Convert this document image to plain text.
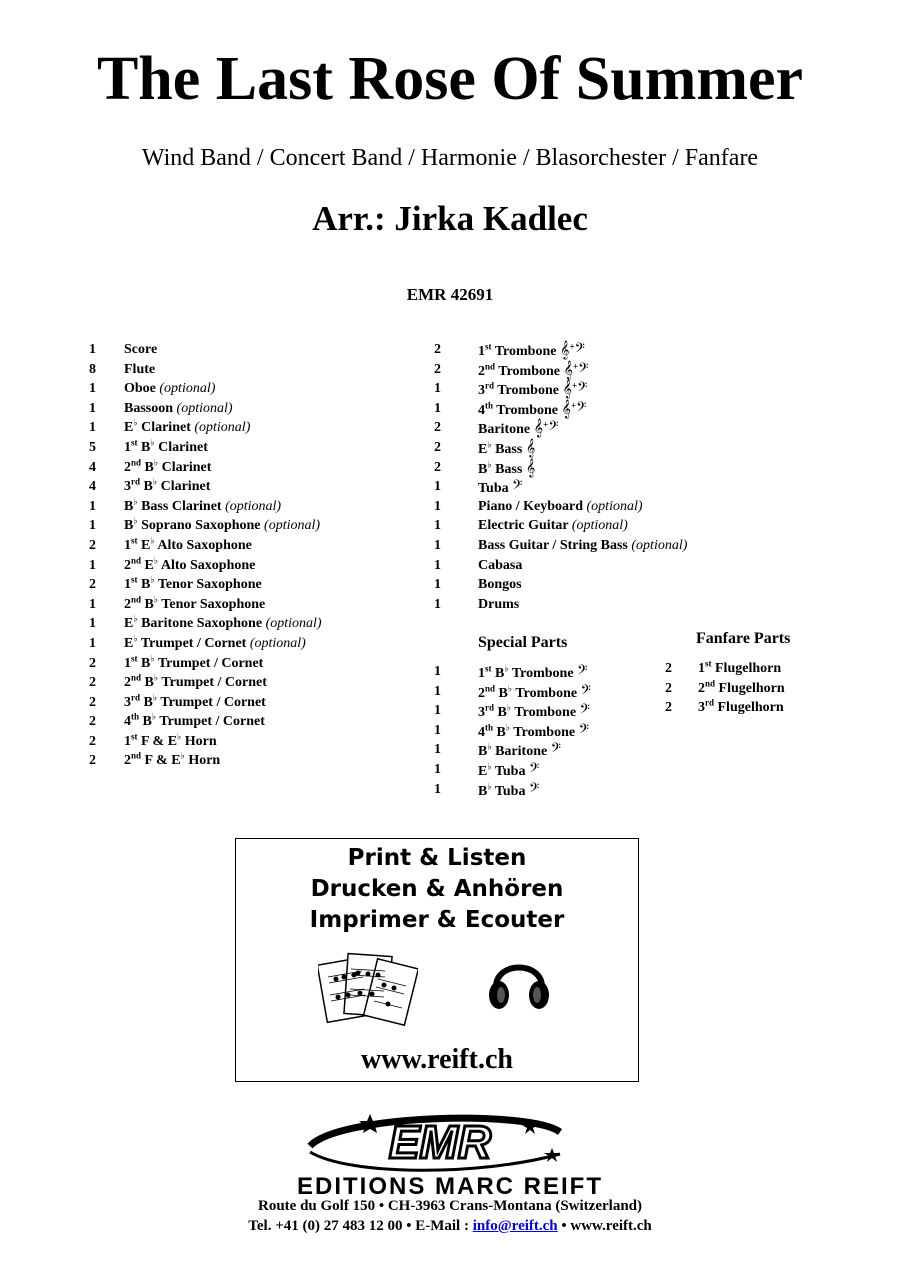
The Last Rose Of Summer
Wind Band / Concert Band / Harmonie / Blasorchester / Fanfare
Arr.: Jirka Kadlec
EMR 42691
1 Score
8 Flute
1 Oboe (optional)
1 Bassoon (optional)
1 E♭ Clarinet (optional)
5 1st B♭ Clarinet
4 2nd B♭ Clarinet
4 3rd B♭ Clarinet
1 B♭ Bass Clarinet (optional)
1 B♭ Soprano Saxophone (optional)
2 1st E♭ Alto Saxophone
1 2nd E♭ Alto Saxophone
2 1st B♭ Tenor Saxophone
1 2nd B♭ Tenor Saxophone
1 E♭ Baritone Saxophone (optional)
1 E♭ Trumpet / Cornet (optional)
2 1st B♭ Trumpet / Cornet
2 2nd B♭ Trumpet / Cornet
2 3rd B♭ Trumpet / Cornet
2 4th B♭ Trumpet / Cornet
2 1st F & E♭ Horn
2 2nd F & E♭ Horn
2	1st Trombone 𝄞+𝄢
2	2nd Trombone 𝄞+𝄢
1	3rd Trombone 𝄞+𝄢
1	4th Trombone 𝄞+𝄢
2	Baritone 𝄞+𝄢
2	E♭ Bass 𝄞
2	B♭ Bass 𝄞
1	Tuba 𝄢
1	Piano / Keyboard (optional)
1	Electric Guitar (optional)
1	Bass Guitar / String Bass (optional)
1	Cabasa
1	Bongos
1	Drums
Special Parts
1	1st B♭ Trombone 𝄢
1	2nd B♭ Trombone 𝄢
1	3rd B♭ Trombone 𝄢
1	4th B♭ Trombone 𝄢
1	B♭ Baritone 𝄢
1	E♭ Tuba 𝄢
1	B♭ Tuba 𝄢
Fanfare Parts
2 1st Flugelhorn
2 2nd Flugelhorn
2 3rd Flugelhorn
Print & Listen
Drucken & Anhören
Imprimer & Ecouter
www.reift.ch
EMR
EDITIONS MARC REIFT
Route du Golf 150 • CH-3963 Crans-Montana (Switzerland)
Tel. +41 (0) 27 483 12 00 • E-Mail : info@reift.ch • www.reift.ch
